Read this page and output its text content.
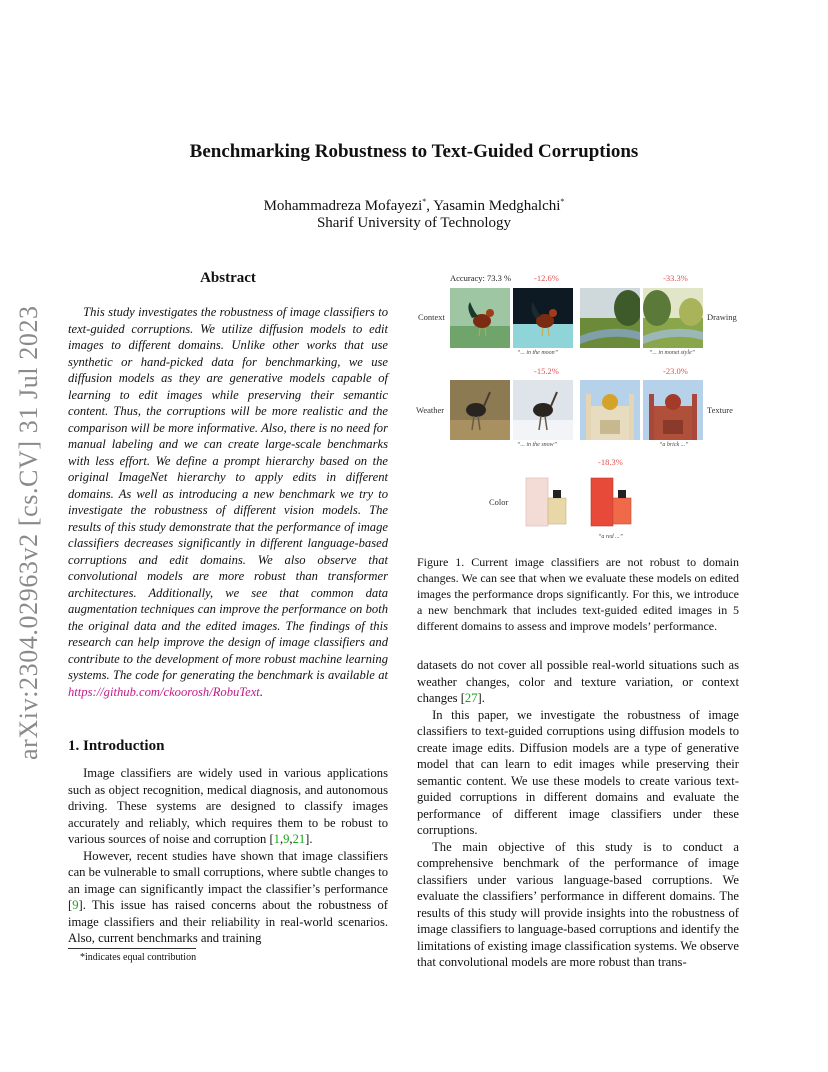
arXiv:2304.02963v2 [cs.CV] 31 Jul 2023
Benchmarking Robustness to Text-Guided Corruptions
Mohammadreza Mofayezi*, Yasamin Medghalchi*
Sharif University of Technology
Abstract
This study investigates the robustness of image classifiers to text-guided corruptions. We utilize diffusion models to edit images to different domains. Unlike other works that use synthetic or hand-picked data for benchmarking, we use diffusion models as they are generative models capable of learning to edit images while preserving their semantic content. Thus, the corruptions will be more realistic and the comparison will be more informative. Also, there is no need for manual labeling and we can create large-scale benchmarks with less effort. We define a prompt hierarchy based on the original ImageNet hierarchy to apply edits in different domains. As well as introducing a new benchmark we try to investigate the robustness of different vision models. The results of this study demonstrate that the performance of image classifiers decreases significantly in different language-based corruptions and edit domains. We also observe that convolutional models are more robust than transformer architectures. Additionally, we see that common data augmentation techniques can improve the performance on both the original data and the edited images. The findings of this research can help improve the design of image classifiers and contribute to the development of more robust machine learning systems. The code for generating the benchmark is available at https://github.com/ckoorosh/RobuText.
1. Introduction

Image classifiers are widely used in various applications such as object recognition, medical diagnosis, and autonomous driving. These systems are designed to classify images accurately and reliably, which requires them to be robust to various sources of noise and corruption [1,9,21].

However, recent studies have shown that image classifiers can be vulnerable to small corruptions, where subtle changes to an image can significantly impact the classifier’s performance [9]. This issue has raised concerns about the robustness of image classifiers and their reliability in real-world scenarios. Also, current benchmarks and training

*indicates equal contribution
Accuracy: 73.3 %	-12.6%	-33.3%
Context	Drawing
“... in the moon”	“... in monet style”
-15.2%	-23.0%
Weather	Texture
“... in the snow”	“a brick ...”
-18.3%
Color
“a red ...”
Figure 1. Current image classifiers are not robust to domain changes. We can see that when we evaluate these models on edited images the performance drops significantly. For this, we introduce a new benchmark that includes text-guided edited images in 5 different domains to assess and improve models’ performance.

datasets do not cover all possible real-world situations such as weather changes, color and texture variation, or context changes [27].

In this paper, we investigate the robustness of image classifiers to text-guided corruptions using diffusion models to create image edits. Diffusion models are a type of generative model that can learn to edit images while preserving their semantic content. We use these models to create various text-guided corruptions in different domains and evaluate the performance of different image classifiers under these corruptions.

The main objective of this study is to conduct a comprehensive benchmark of the performance of image classifiers under various language-based corruptions. We evaluate the classifiers’ performance in different domains. The results of this study will provide insights into the robustness of image classifiers to language-based corruptions and identify the limitations of existing image classification systems. We observe that convolutional models are more robust than trans-
